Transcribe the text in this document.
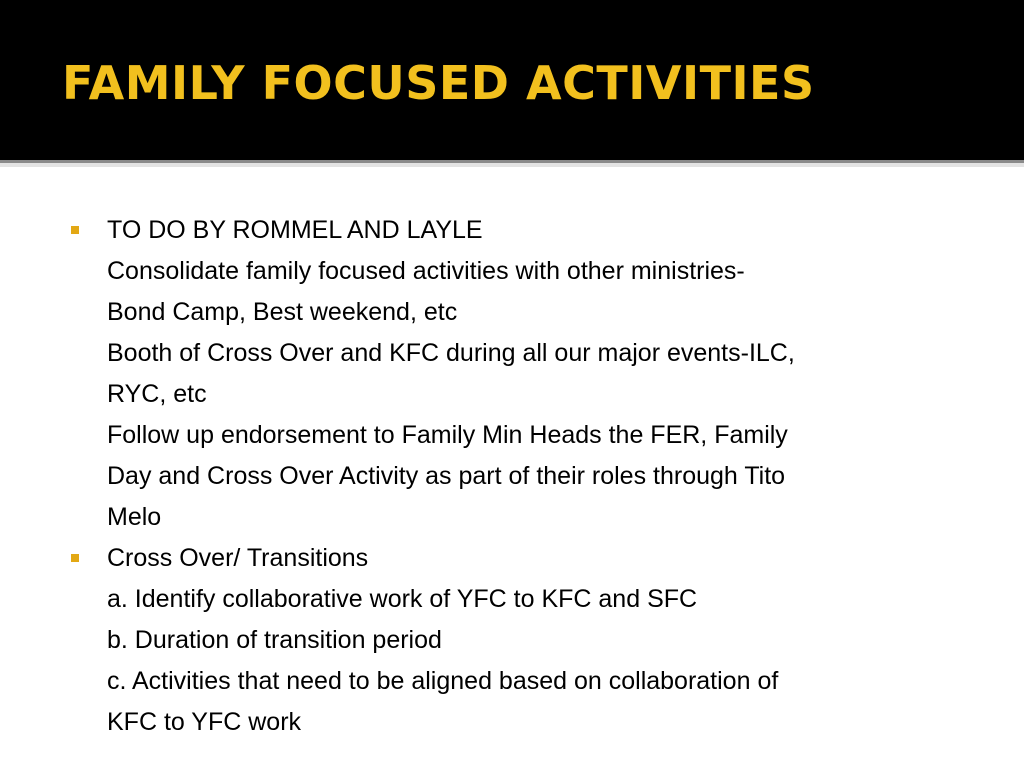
FAMILY FOCUSED ACTIVITIES
TO DO BY ROMMEL AND LAYLE
Consolidate family focused activities with other ministries-
Bond Camp, Best weekend, etc
Booth of Cross Over and KFC during all our major events-ILC,
RYC, etc
Follow up endorsement to Family Min Heads the FER, Family
Day and Cross Over Activity as part of their roles through Tito
Melo
Cross Over/ Transitions
a. Identify collaborative work of YFC to KFC and SFC
b. Duration of transition period
c. Activities that need to be aligned based on collaboration of
KFC to YFC work
